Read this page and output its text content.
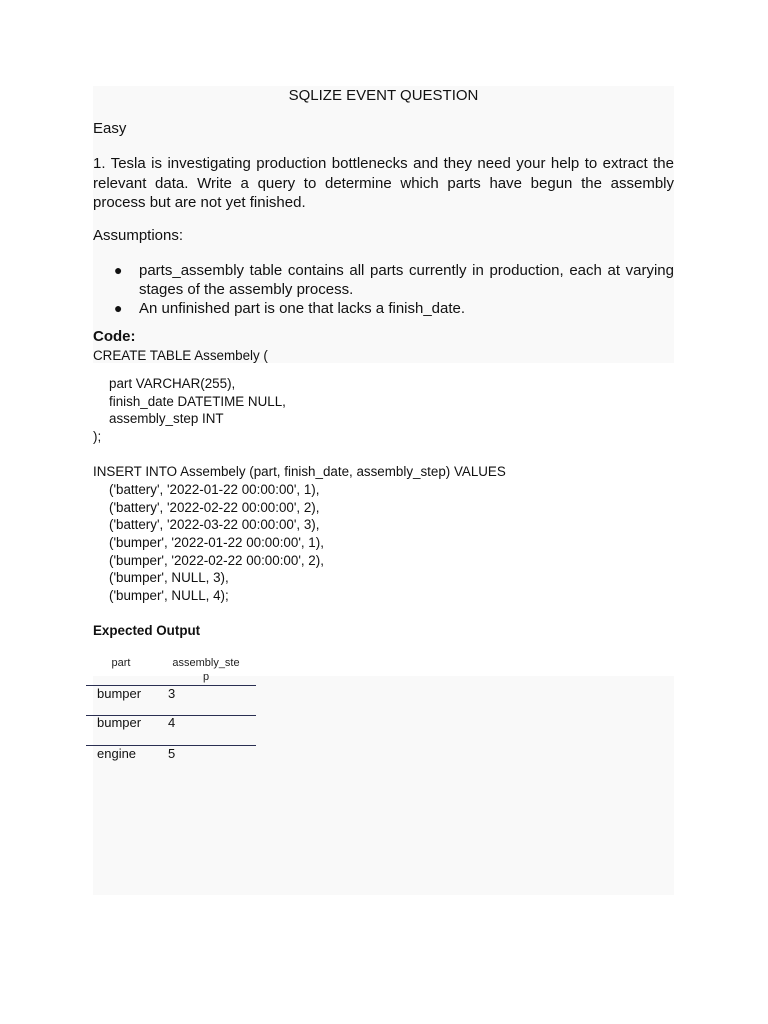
SQLIZE EVENT QUESTION

Easy

1. Tesla is investigating production bottlenecks and they need your help to extract the relevant data. Write a query to determine which parts have begun the assembly process but are not yet finished.

Assumptions:

● parts_assembly table contains all parts currently in production, each at varying stages of the assembly process.
● An unfinished part is one that lacks a finish_date.

Code:

CREATE TABLE Assembely (

part VARCHAR(255),

finish_date DATETIME NULL,

assembly_step INT

);

INSERT INTO Assembely (part, finish_date, assembly_step) VALUES

('battery', '2022-01-22 00:00:00', 1),

('battery', '2022-02-22 00:00:00', 2),

('battery', '2022-03-22 00:00:00', 3),

('bumper', '2022-01-22 00:00:00', 1),

('bumper', '2022-02-22 00:00:00', 2),

('bumper', NULL, 3),

('bumper', NULL, 4);

Expected Output

part	assembly_ste
p
bumper 3
bumper 4
engine 5
